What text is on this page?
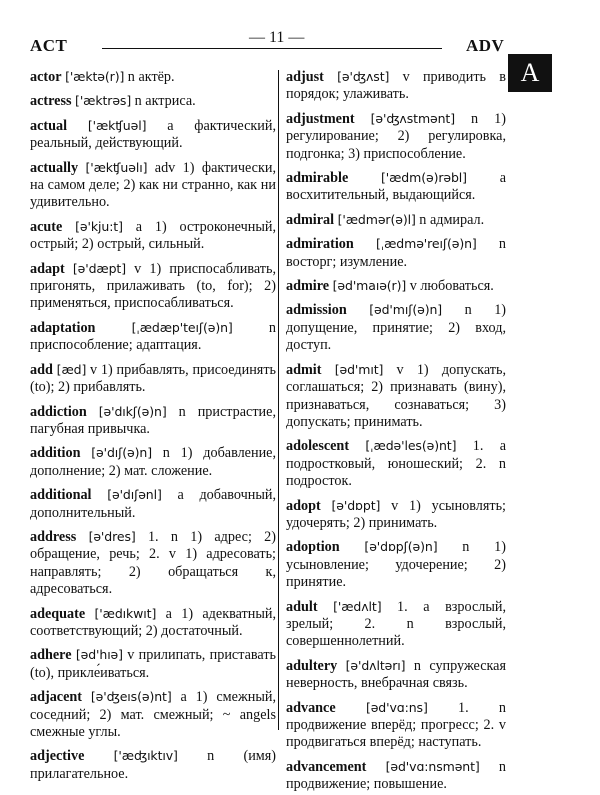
ACT	— 11 —	ADV
A
actor ['æktə(r)] n актёр.
actress ['æktrəs] n актриса.
actual ['ækʧuəl] a фактический, реальный, действующий.
actually ['ækʧuəlı] adv 1) фактически, на самом деле; 2) как ни странно, как ни удивительно.
acute [ə'kju:t] a 1) остроконечный, острый; 2) острый, сильный.
adapt [ə'dæpt] v 1) приспосабливать, пригонять, прилаживать (to, for); 2) применяться, приспосабливаться.
adaptation	[ˌædæp'teıʃ(ə)n]	n приспособление; адаптация.
add [æd] v 1) прибавлять, присоединять (to); 2) прибавлять.
addiction [ə'dıkʃ(ə)n] n пристрастие, пагубная привычка.
addition [ə'dıʃ(ə)n] n 1) добавление, дополнение; 2) мат. сложение.
additional [ə'dıʃənl] a добавочный, дополнительный.
address [ə'dres] 1. n 1) адрес; 2) обращение, речь; 2. v 1) адресовать; направлять; 2) обращаться к, адресоваться.
adequate ['ædıkwıt] a 1) адекватный, соответствующий; 2) достаточный.
adhere [əd'hıə] v прилипать, приставать (to), прикле́иваться.
adjacent [ə'ʤeıs(ə)nt] a 1) смежный, соседний; 2) мат. смежный; ~ angels смежные углы.
adjective ['æʤıktıv] n (имя) прилагательное.
adjust [ə'ʤʌst] v приводить в порядок; улаживать.
adjustment [ə'ʤʌstmənt] n 1) регулирование; 2) регулировка, подгонка; 3) приспособление.
admirable	['ædm(ə)rəbl] a восхитительный, выдающийся.
admiral ['ædmər(ə)l] n адмирал.
admiration [ˌædmə'reıʃ(ə)n] n восторг; изумление.
admire [əd'maıə(r)] v любоваться.
admission [əd'mıʃ(ə)n] n 1) допущение, принятие; 2) вход, доступ.
admit [əd'mıt] v 1) допускать, соглашаться; 2) признавать (вину), признаваться, сознаваться; 3) допускать; принимать.
adolescent [ˌædə'les(ə)nt] 1. a подростковый, юношеский; 2. n подросток.
adopt [ə'dɒpt] v 1) усыновлять; удочерять; 2) принимать.
adoption [ə'dɒpʃ(ə)n] n 1) усыновление; удочерение; 2) принятие.
adult ['ædʌlt] 1. a взрослый, зрелый; 2. n взрослый, совершеннолетний.
adultery [ə'dʌltərı] n супружеская неверность, внебрачная связь.
advance [əd'vɑ:ns] 1. n продвижение вперёд; прогресс; 2. v продвигаться вперёд; наступать.
advancement [əd'vɑ:nsmənt] n продвижение; повышение.
